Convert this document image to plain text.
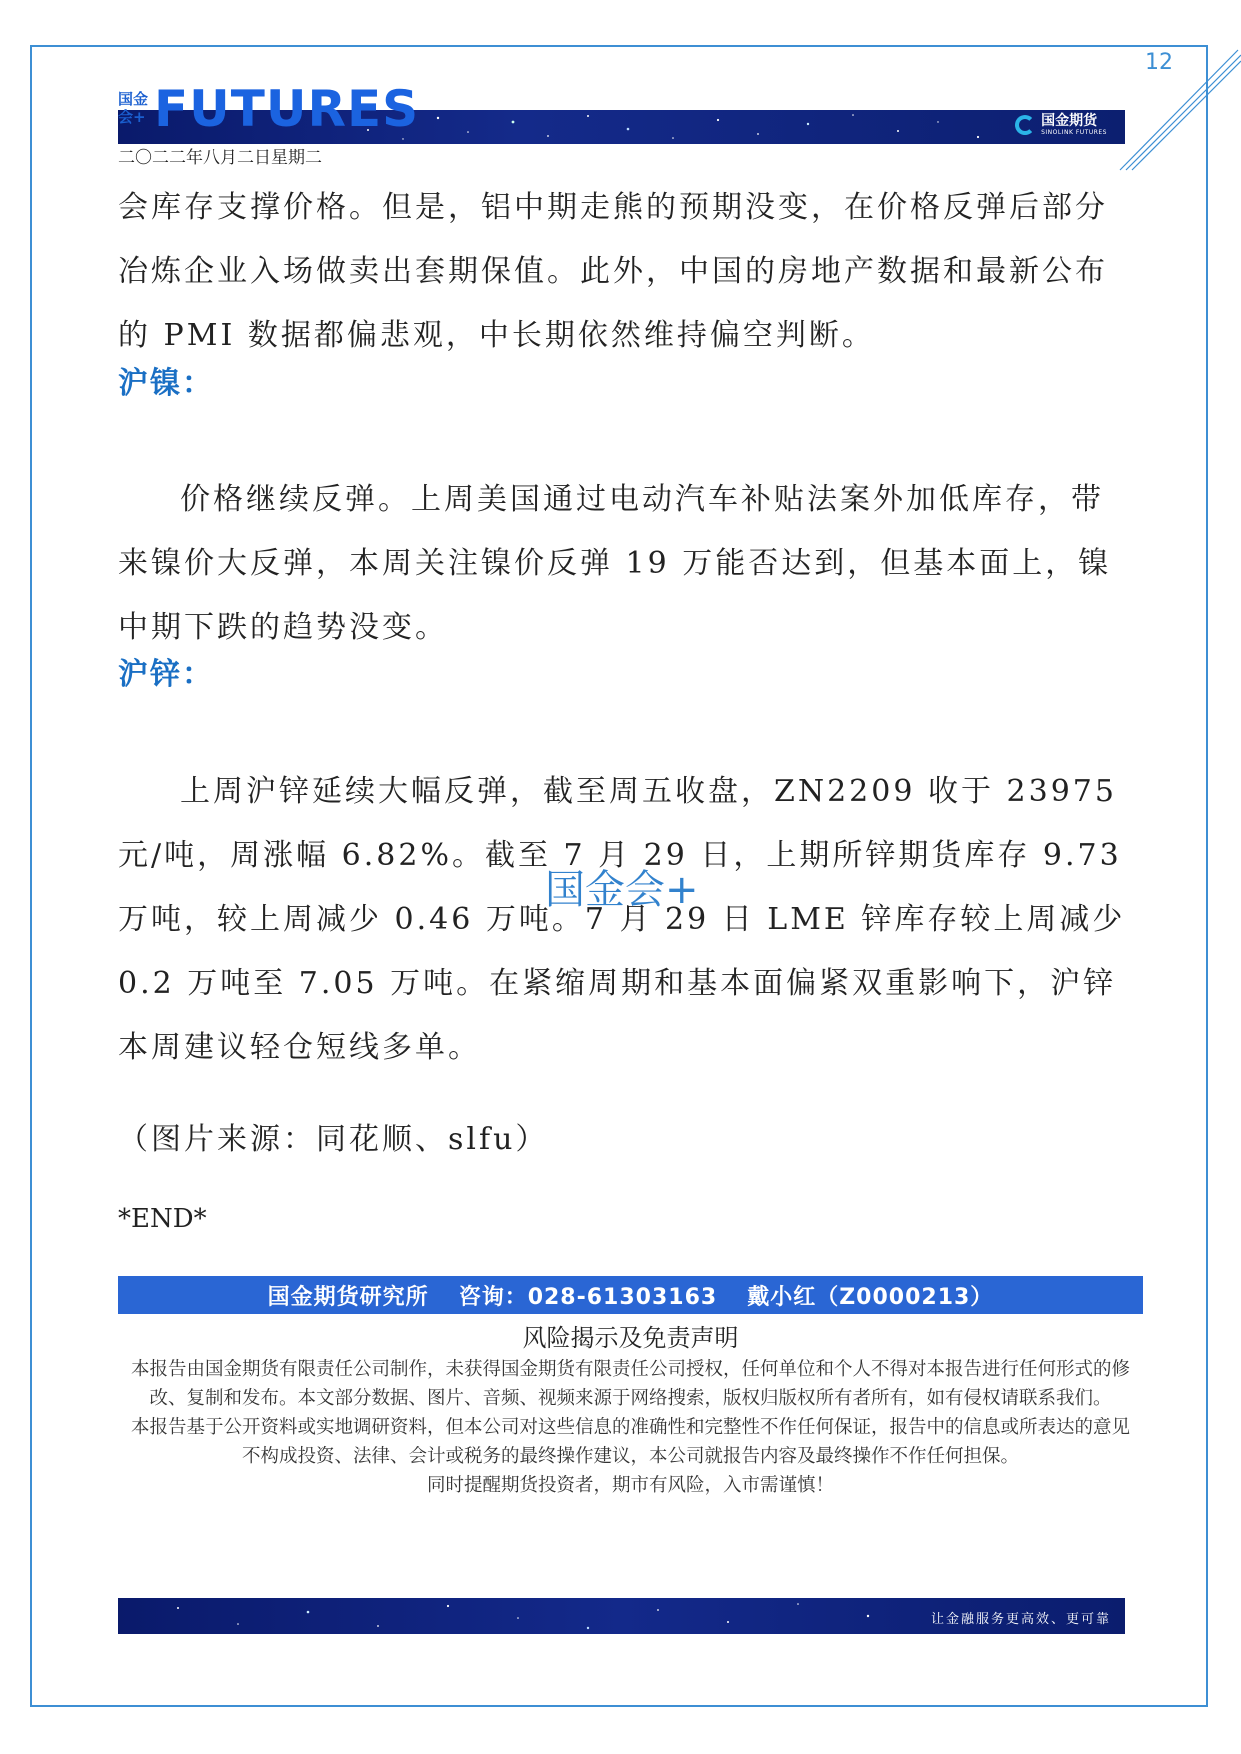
12
国金期货
SINOLINK FUTURES
国金会+ FUTURES
二〇二二年八月二日星期二

会库存支撑价格。但是，铝中期走熊的预期没变，在价格反弹后部分冶炼企业入场做卖出套期保值。此外，中国的房地产数据和最新公布的 PMI 数据都偏悲观，中长期依然维持偏空判断。

沪镍：

价格继续反弹。上周美国通过电动汽车补贴法案外加低库存，带来镍价大反弹，本周关注镍价反弹 19 万能否达到，但基本面上，镍中期下跌的趋势没变。

沪锌：

上周沪锌延续大幅反弹，截至周五收盘，ZN2209 收于 23975 元/吨，周涨幅 6.82%。截至 7 月 29 日，上期所锌期货库存 9.73 万吨，较上周减少 0.46 万吨。7 月 29 日 LME 锌库存较上周减少 0.2 万吨至 7.05 万吨。在紧缩周期和基本面偏紧双重影响下，沪锌本周建议轻仓短线多单。

（图片来源：同花顺、slfu）

*END*
国金会+
国金期货研究所 咨询：028-61303163 戴小红（Z0000213）
风险揭示及免责声明

本报告由国金期货有限责任公司制作，未获得国金期货有限责任公司授权，任何单位和个人不得对本报告进行任何形式的修改、复制和发布。本文部分数据、图片、音频、视频来源于网络搜索，版权归版权所有者所有，如有侵权请联系我们。

本报告基于公开资料或实地调研资料，但本公司对这些信息的准确性和完整性不作任何保证，报告中的信息或所表达的意见不构成投资、法律、会计或税务的最终操作建议，本公司就报告内容及最终操作不作任何担保。

同时提醒期货投资者，期市有风险，入市需谨慎！

让金融服务更高效、更可靠
